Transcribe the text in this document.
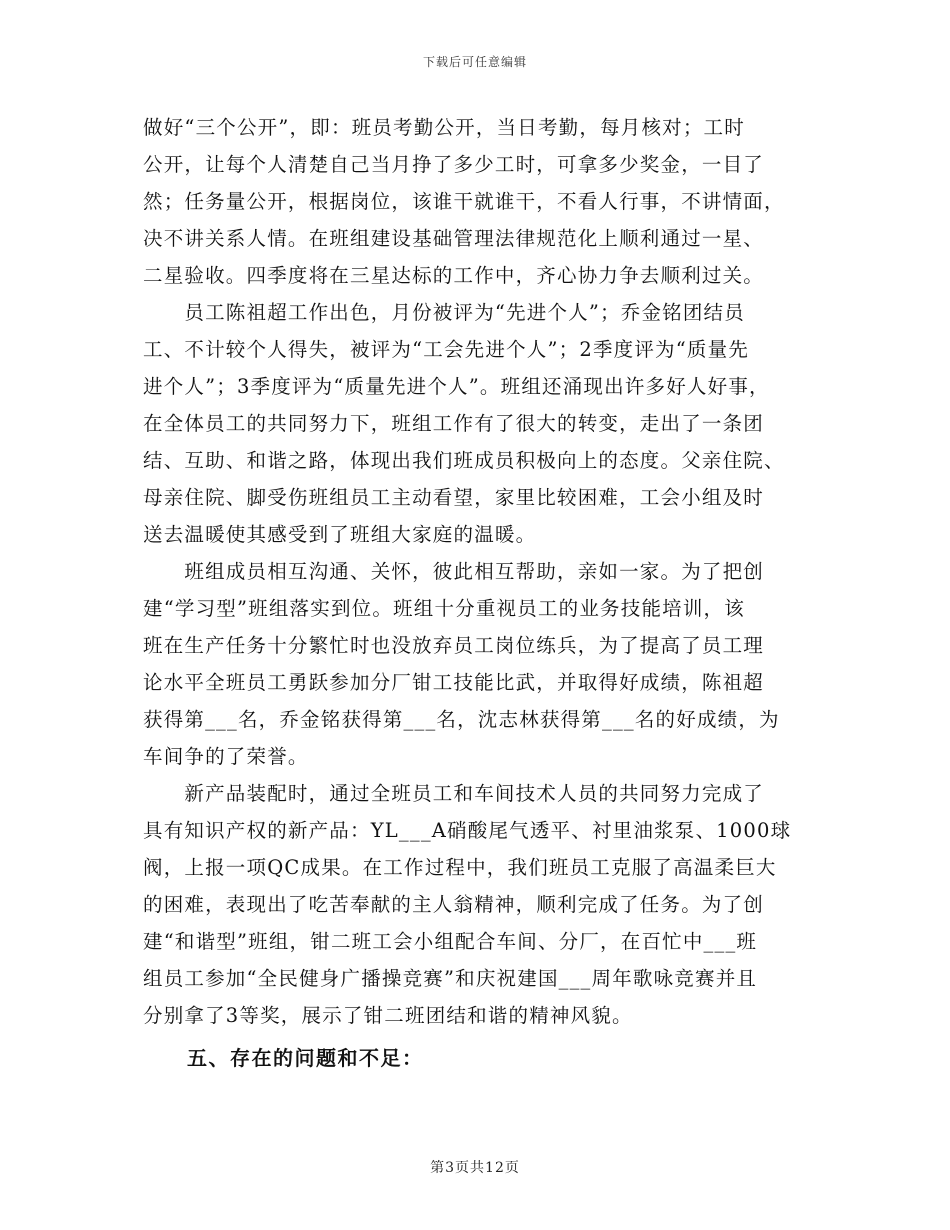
下载后可任意编辑

做好“三个公开”，即：班员考勤公开，当日考勤，每月核对；工时

公开，让每个人清楚自己当月挣了多少工时，可拿多少奖金，一目了

然；任务量公开，根据岗位，该谁干就谁干，不看人行事，不讲情面，

决不讲关系人情。在班组建设基础管理法律规范化上顺利通过一星、

二星验收。四季度将在三星达标的工作中，齐心协力争去顺利过关。

　　员工陈祖超工作出色，月份被评为“先进个人”；乔金铭团结员

工、不计较个人得失，被评为“工会先进个人”；2季度评为“质量先

进个人”；3季度评为“质量先进个人”。班组还涌现出许多好人好事，

在全体员工的共同努力下，班组工作有了很大的转变，走出了一条团

结、互助、和谐之路，体现出我们班成员积极向上的态度。父亲住院、

母亲住院、脚受伤班组员工主动看望，家里比较困难，工会小组及时

送去温暖使其感受到了班组大家庭的温暖。

　　班组成员相互沟通、关怀，彼此相互帮助，亲如一家。为了把创

建“学习型”班组落实到位。班组十分重视员工的业务技能培训，该

班在生产任务十分繁忙时也没放弃员工岗位练兵，为了提高了员工理

论水平全班员工勇跃参加分厂钳工技能比武，并取得好成绩，陈祖超

获得第___名，乔金铭获得第___名，沈志林获得第___名的好成绩，为

车间争的了荣誉。

　　新产品装配时，通过全班员工和车间技术人员的共同努力完成了

具有知识产权的新产品：YL___A硝酸尾气透平、衬里油浆泵、1000球

阀，上报一项QC成果。在工作过程中，我们班员工克服了高温柔巨大

的困难，表现出了吃苦奉献的主人翁精神，顺利完成了任务。为了创

建“和谐型”班组，钳二班工会小组配合车间、分厂，在百忙中___班

组员工参加“全民健身广播操竞赛”和庆祝建国___周年歌咏竞赛并且

分别拿了3等奖，展示了钳二班团结和谐的精神风貌。

五、存在的问题和不足：
第3页共12页
